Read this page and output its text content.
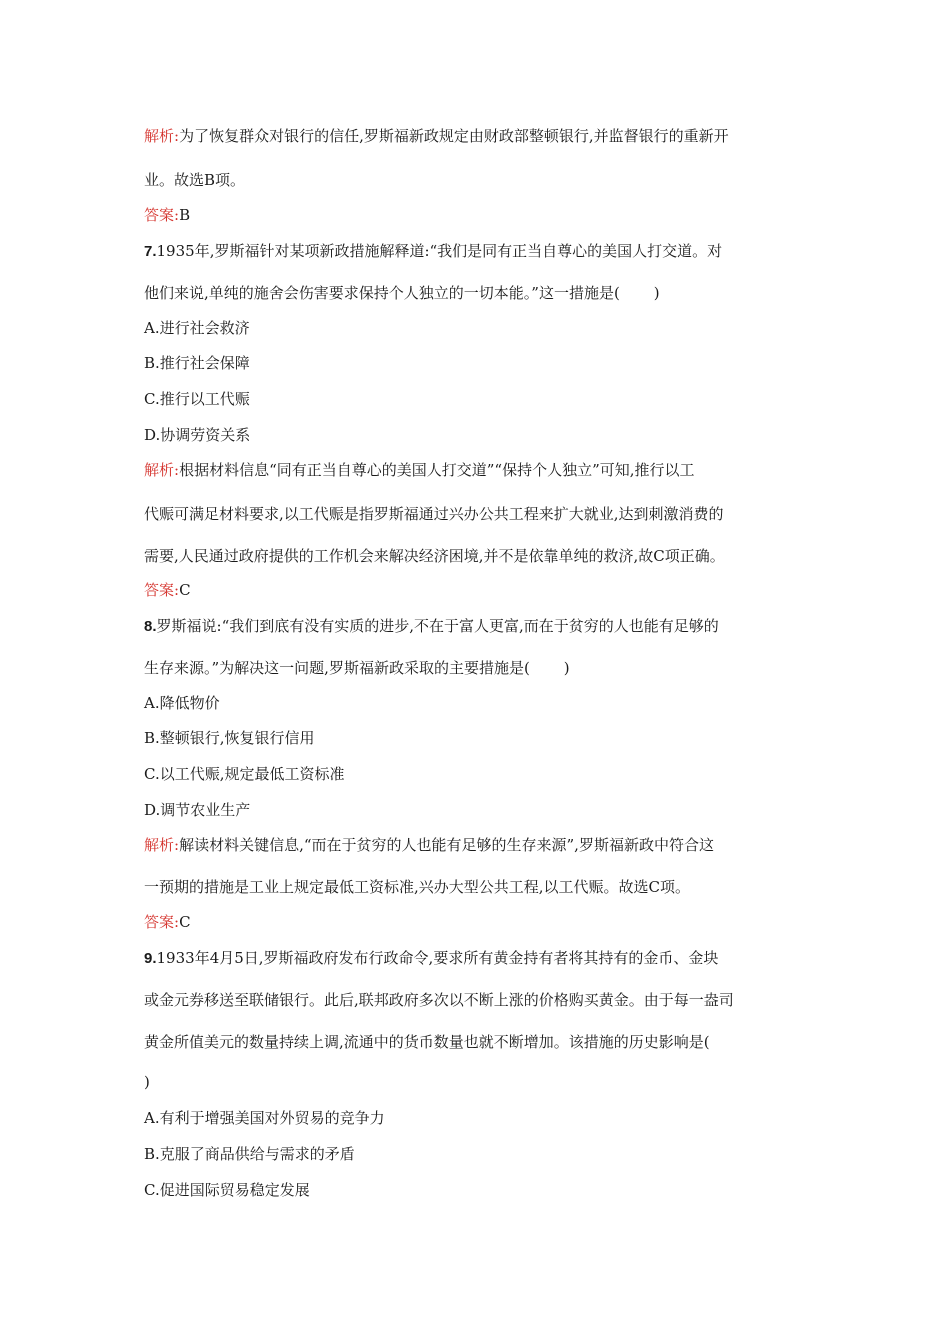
解析:为了恢复群众对银行的信任,罗斯福新政规定由财政部整顿银行,并监督银行的重新开
业。故选B项。
答案:B
7.1935年,罗斯福针对某项新政措施解释道:“我们是同有正当自尊心的美国人打交道。对
他们来说,单纯的施舍会伤害要求保持个人独立的一切本能。”这一措施是( )
A.进行社会救济
B.推行社会保障
C.推行以工代赈
D.协调劳资关系
解析:根据材料信息“同有正当自尊心的美国人打交道”“保持个人独立”可知,推行以工
代赈可满足材料要求,以工代赈是指罗斯福通过兴办公共工程来扩大就业,达到刺激消费的
需要,人民通过政府提供的工作机会来解决经济困境,并不是依靠单纯的救济,故C项正确。
答案:C
8.罗斯福说:“我们到底有没有实质的进步,不在于富人更富,而在于贫穷的人也能有足够的
生存来源。”为解决这一问题,罗斯福新政采取的主要措施是( )
A.降低物价
B.整顿银行,恢复银行信用
C.以工代赈,规定最低工资标准
D.调节农业生产
解析:解读材料关键信息,“而在于贫穷的人也能有足够的生存来源”,罗斯福新政中符合这
一预期的措施是工业上规定最低工资标准,兴办大型公共工程,以工代赈。故选C项。
答案:C
9.1933年4月5日,罗斯福政府发布行政命令,要求所有黄金持有者将其持有的金币、金块
或金元券移送至联储银行。此后,联邦政府多次以不断上涨的价格购买黄金。由于每一盎司
黄金所值美元的数量持续上调,流通中的货币数量也就不断增加。该措施的历史影响是(
)
A.有利于增强美国对外贸易的竞争力
B.克服了商品供给与需求的矛盾
C.促进国际贸易稳定发展
